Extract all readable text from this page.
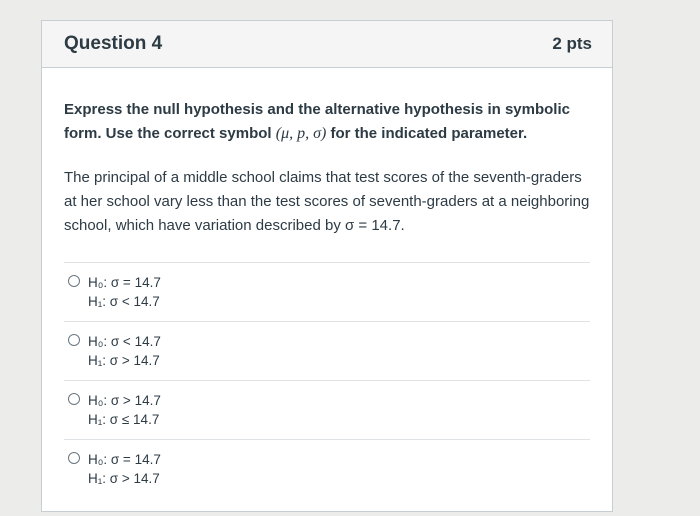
Question 4	2 pts

Express the null hypothesis and the alternative hypothesis in symbolic form. Use the correct symbol (μ, p, σ) for the indicated parameter.

The principal of a middle school claims that test scores of the seventh-graders at her school vary less than the test scores of seventh-graders at a neighboring school, which have variation described by σ = 14.7.

H₀: σ = 14.7
H₁: σ < 14.7
H₀: σ < 14.7
H₁: σ > 14.7
H₀: σ > 14.7
H₁: σ ≤ 14.7
H₀: σ = 14.7
H₁: σ > 14.7
